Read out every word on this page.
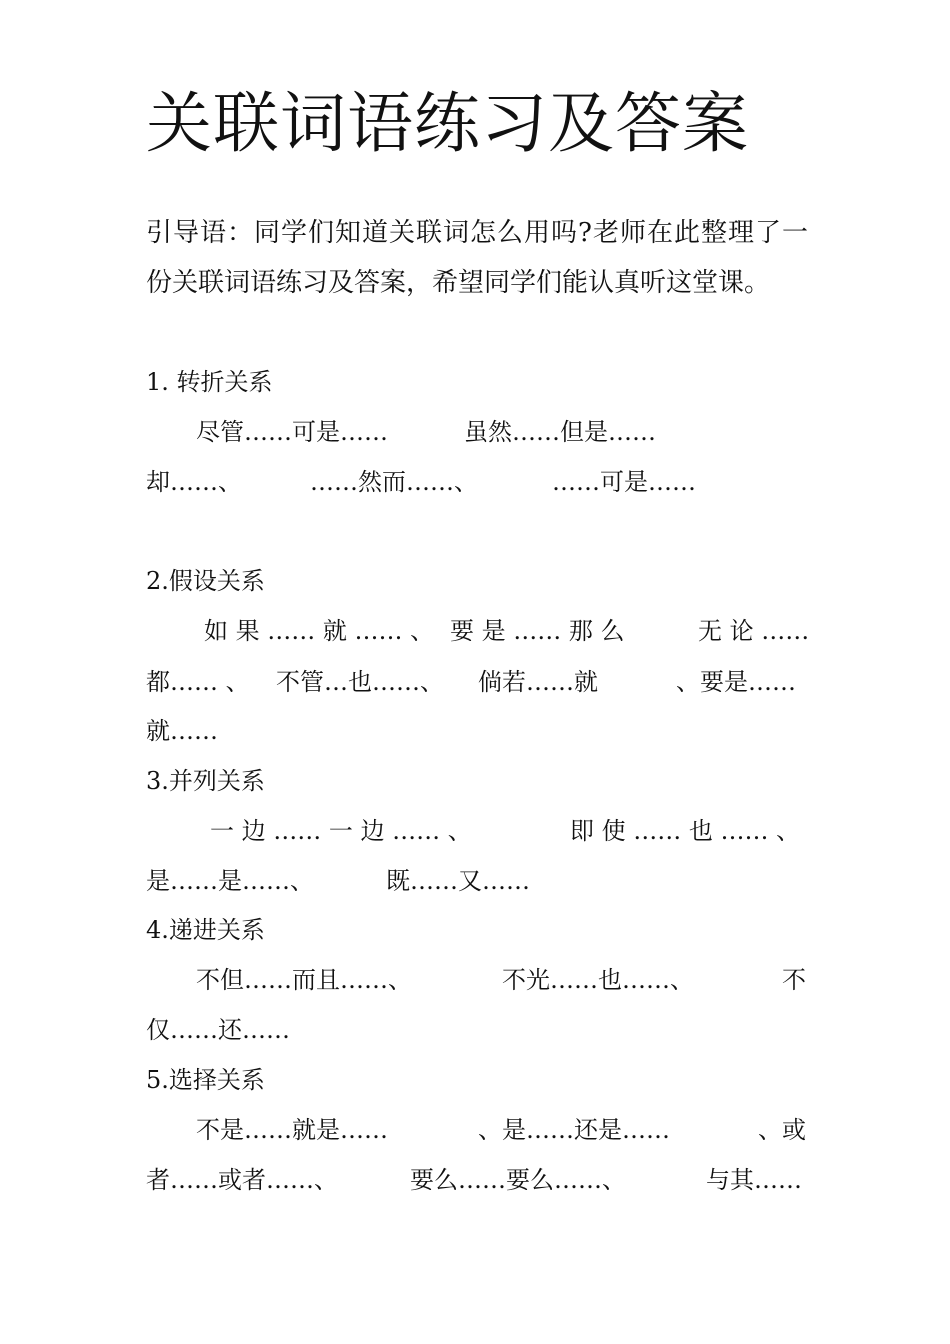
关联词语练习及答案
引导语：同学们知道关联词怎么用吗?老师在此整理了一份关联词语练习及答案，希望同学们能认真听这堂课。
1. 转折关系
尽管……可是……	虽然……但是……
却……、	……然而……、	……可是……
2.假设关系
如 果 …… 就 …… 、 要 是 …… 那 么	无 论 ……
都…… 、 不管…也……、 倘若……就	、要是……
就……
3.并列关系
一 边 …… 一 边 …… 、	即 使 …… 也 …… 、
是……是……、	既……又……
4.递进关系
不但……而且……、	不光……也……、	不
仅……还……
5.选择关系
不是……就是……	、是……还是……	、或
者……或者……、	要么……要么……、	与其……
